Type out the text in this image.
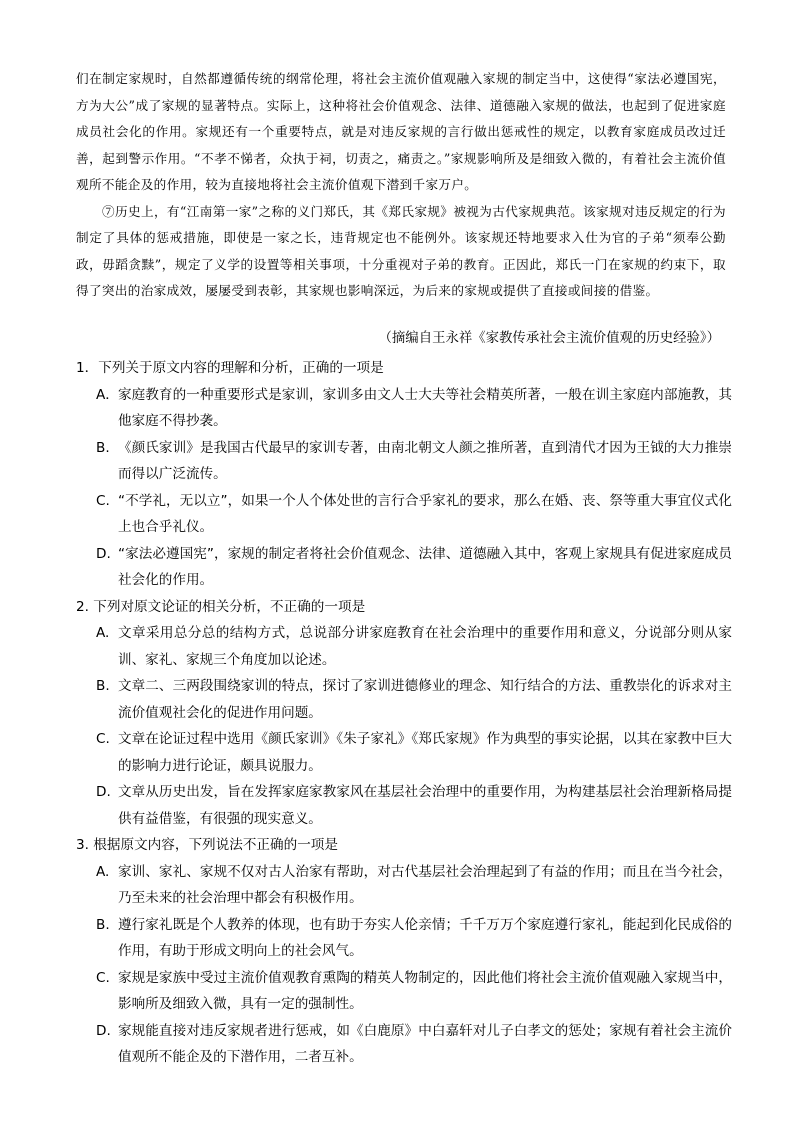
们在制定家规时，自然都遵循传统的纲常伦理，将社会主流价值观融入家规的制定当中，这使得“家法必遵国宪，方为大公”成了家规的显著特点。实际上，这种将社会价值观念、法律、道德融入家规的做法，也起到了促进家庭成员社会化的作用。家规还有一个重要特点，就是对违反家规的言行做出惩戒性的规定，以教育家庭成员改过迁善，起到警示作用。“不孝不悌者，众执于祠，切责之，痛责之。”家规影响所及是细致入微的，有着社会主流价值观所不能企及的作用，较为直接地将社会主流价值观下潜到千家万户。

⑦历史上，有“江南第一家”之称的义门郑氏，其《郑氏家规》被视为古代家规典范。该家规对违反规定的行为制定了具体的惩戒措施，即使是一家之长，违背规定也不能例外。该家规还特地要求入仕为官的子弟“须奉公勤政，毋蹈贪黩”，规定了义学的设置等相关事项，十分重视对子弟的教育。正因此，郑氏一门在家规的约束下，取得了突出的治家成效，屡屡受到表彰，其家规也影响深远，为后来的家规或提供了直接或间接的借鉴。

（摘编自王永祥《家教传承社会主流价值观的历史经验》）

1．下列关于原文内容的理解和分析，正确的一项是

A． 家庭教育的一种重要形式是家训，家训多由文人士大夫等社会精英所著，一般在训主家庭内部施教，其他家庭不得抄袭。
B. 《颜氏家训》是我国古代最早的家训专著，由南北朝文人颜之推所著，直到清代才因为王钺的大力推崇而得以广泛流传。
C. “不学礼，无以立”，如果一个人个体处世的言行合乎家礼的要求，那么在婚、丧、祭等重大事宜仪式化上也合乎礼仪。
D. “家法必遵国宪”，家规的制定者将社会价值观念、法律、道德融入其中，客观上家规具有促进家庭成员社会化的作用。

2. 下列对原文论证的相关分析，不正确的一项是

A. 文章采用总分总的结构方式，总说部分讲家庭教育在社会治理中的重要作用和意义，分说部分则从家训、家礼、家规三个角度加以论述。
B. 文章二、三两段围绕家训的特点，探讨了家训进德修业的理念、知行结合的方法、重教崇化的诉求对主流价值观社会化的促进作用问题。
C. 文章在论证过程中选用《颜氏家训》《朱子家礼》《郑氏家规》作为典型的事实论据，以其在家教中巨大的影响力进行论证，颇具说服力。
D. 文章从历史出发，旨在发挥家庭家教家风在基层社会治理中的重要作用，为构建基层社会治理新格局提供有益借鉴，有很强的现实意义。

3. 根据原文内容，下列说法不正确的一项是

A. 家训、家礼、家规不仅对古人治家有帮助，对古代基层社会治理起到了有益的作用；而且在当今社会，乃至未来的社会治理中都会有积极作用。
B. 遵行家礼既是个人教养的体现，也有助于夯实人伦亲情；千千万万个家庭遵行家礼，能起到化民成俗的作用，有助于形成文明向上的社会风气。
C. 家规是家族中受过主流价值观教育熏陶的精英人物制定的，因此他们将社会主流价值观融入家规当中，影响所及细致入微，具有一定的强制性。
D. 家规能直接对违反家规者进行惩戒，如《白鹿原》中白嘉轩对儿子白孝文的惩处；家规有着社会主流价值观所不能企及的下潜作用，二者互补。
